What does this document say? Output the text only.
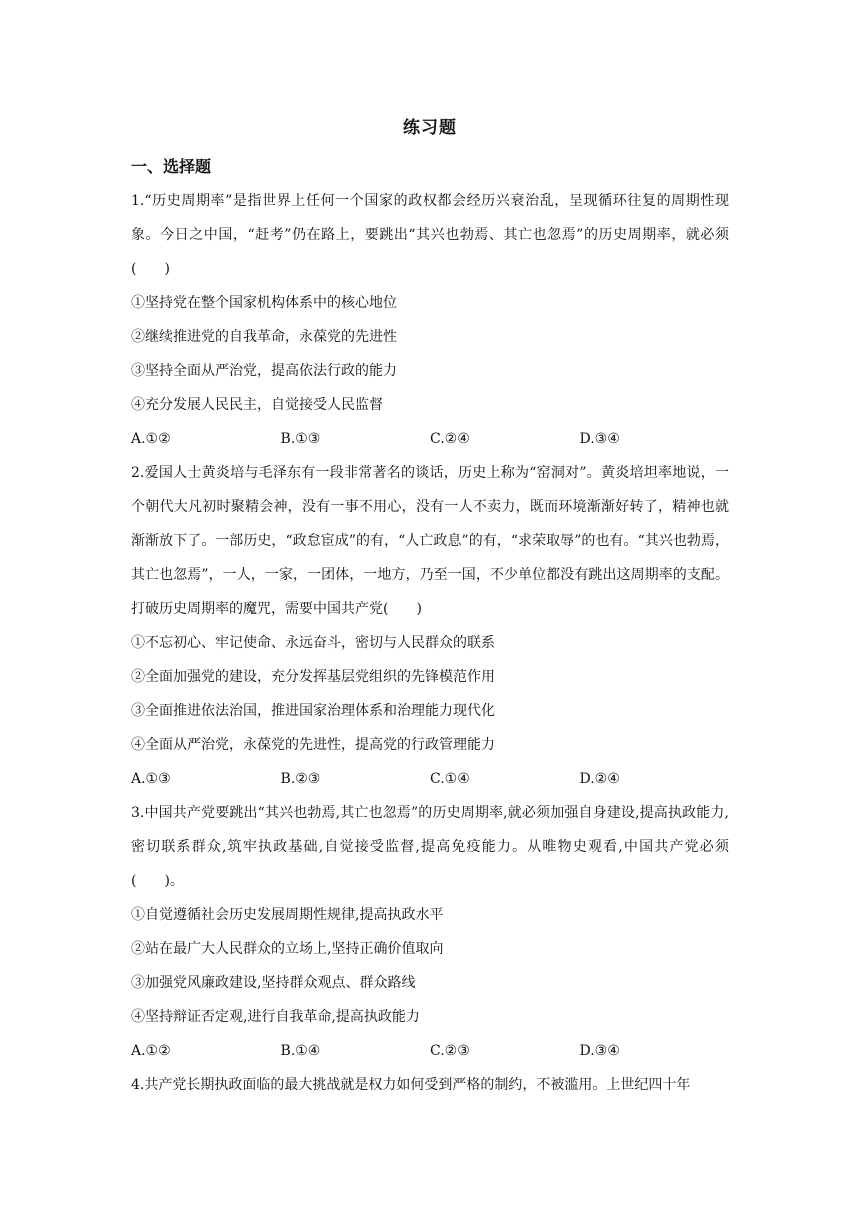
练习题
一、选择题

1.“历史周期率”是指世界上任何一个国家的政权都会经历兴衰治乱，呈现循环往复的周期性现象。今日之中国，“赶考”仍在路上，要跳出“其兴也勃焉、其亡也忽焉”的历史周期率，就必须(　　)

①坚持党在整个国家机构体系中的核心地位

②继续推进党的自我革命，永葆党的先进性

③坚持全面从严治党，提高依法行政的能力

④充分发展人民民主，自觉接受人民监督

A.①②	B.①③	C.②④	D.③④

2.爱国人士黄炎培与毛泽东有一段非常著名的谈话，历史上称为“窑洞对”。黄炎培坦率地说，一个朝代大凡初时聚精会神，没有一事不用心，没有一人不卖力，既而环境渐渐好转了，精神也就渐渐放下了。一部历史，“政怠宦成”的有，“人亡政息”的有，“求荣取辱”的也有。“其兴也勃焉，其亡也忽焉”，一人，一家，一团体，一地方，乃至一国，不少单位都没有跳出这周期率的支配。打破历史周期率的魔咒，需要中国共产党(　　)

①不忘初心、牢记使命、永远奋斗，密切与人民群众的联系

②全面加强党的建设，充分发挥基层党组织的先锋模范作用

③全面推进依法治国，推进国家治理体系和治理能力现代化

④全面从严治党，永葆党的先进性，提高党的行政管理能力

A.①③	B.②③	C.①④	D.②④

3.中国共产党要跳出“其兴也勃焉,其亡也忽焉”的历史周期率,就必须加强自身建设,提高执政能力,密切联系群众,筑牢执政基础,自觉接受监督,提高免疫能力。从唯物史观看,中国共产党必须(　　)。

①自觉遵循社会历史发展周期性规律,提高执政水平

②站在最广大人民群众的立场上,坚持正确价值取向

③加强党风廉政建设,坚持群众观点、群众路线

④坚持辩证否定观,进行自我革命,提高执政能力

A.①②	B.①④	C.②③	D.③④

4.共产党长期执政面临的最大挑战就是权力如何受到严格的制约，不被滥用。上世纪四十年
